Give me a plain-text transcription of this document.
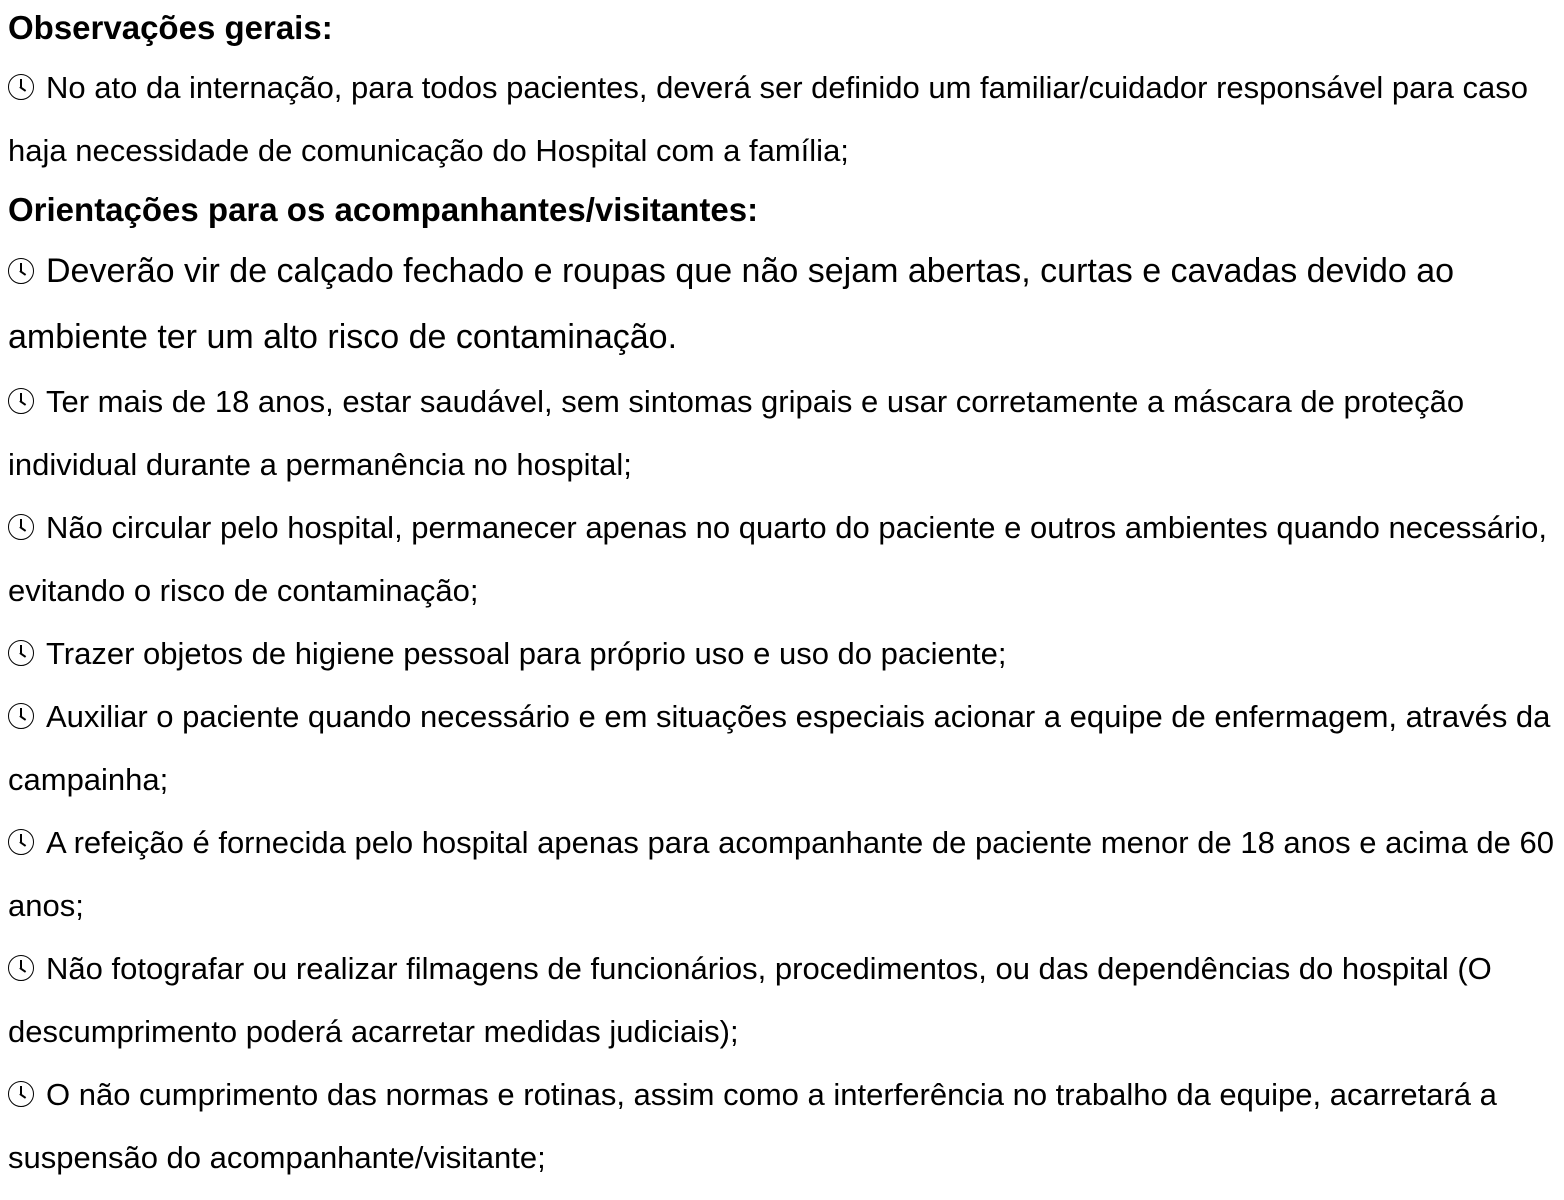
Observações gerais:

No ato da internação, para todos pacientes, deverá ser definido um familiar/cuidador responsável para caso haja necessidade de comunicação do Hospital com a família;

Orientações para os acompanhantes/visitantes:

Deverão vir de calçado fechado e roupas que não sejam abertas, curtas e cavadas devido ao ambiente ter um alto risco de contaminação.

Ter mais de 18 anos, estar saudável, sem sintomas gripais e usar corretamente a máscara de proteção individual durante a permanência no hospital;

Não circular pelo hospital, permanecer apenas no quarto do paciente e outros ambientes quando necessário, evitando o risco de contaminação;

Trazer objetos de higiene pessoal para próprio uso e uso do paciente;

Auxiliar o paciente quando necessário e em situações especiais acionar a equipe de enfermagem, através da campainha;

A refeição é fornecida pelo hospital apenas para acompanhante de paciente menor de 18 anos e acima de 60 anos;

Não fotografar ou realizar filmagens de funcionários, procedimentos, ou das dependências do hospital (O descumprimento poderá acarretar medidas judiciais);

O não cumprimento das normas e rotinas, assim como a interferência no trabalho da equipe, acarretará a suspensão do acompanhante/visitante;
